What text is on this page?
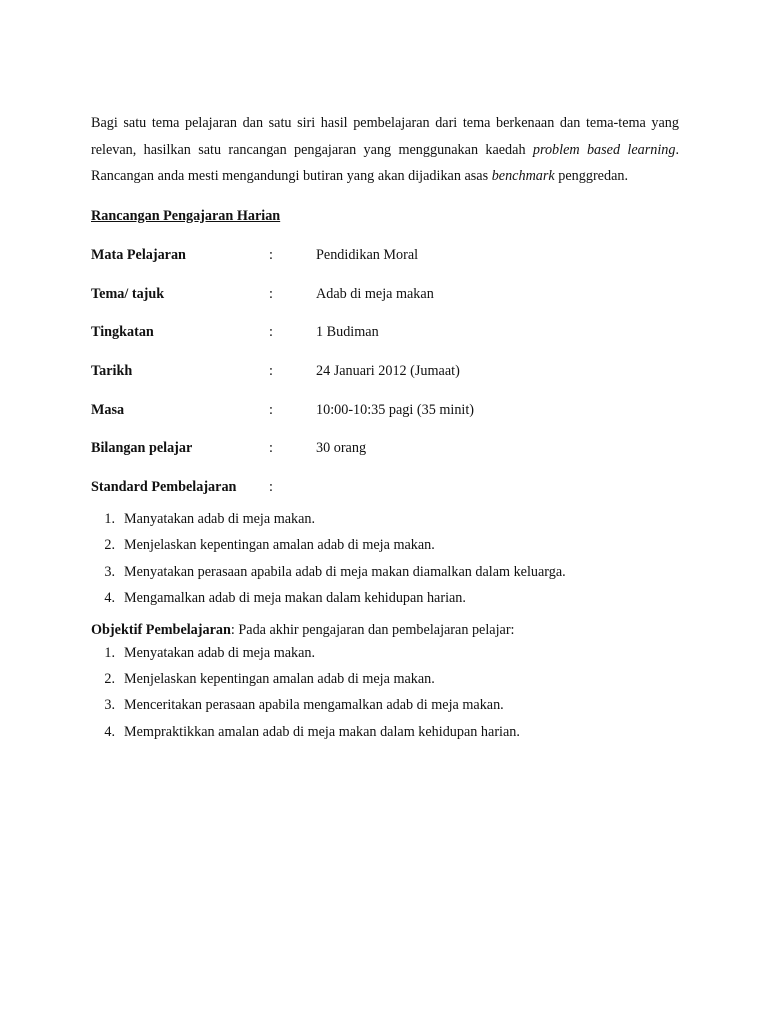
Bagi satu tema pelajaran dan satu siri hasil pembelajaran dari tema berkenaan dan tema-tema yang relevan, hasilkan satu rancangan pengajaran yang menggunakan kaedah problem based learning. Rancangan anda mesti mengandungi butiran yang akan dijadikan asas benchmark penggredan.

Rancangan Pengajaran Harian
Mata Pelajaran	:	Pendidikan Moral
Tema/ tajuk	:	Adab di meja makan
Tingkatan	:	1 Budiman
Tarikh	:	24 Januari 2012 (Jumaat)
Masa	:	10:00-10:35 pagi (35 minit)
Bilangan pelajar	:	30 orang
Standard Pembelajaran	:
1. Manyatakan adab di meja makan.
2. Menjelaskan kepentingan amalan adab di meja makan.
3. Menyatakan perasaan apabila adab di meja makan diamalkan dalam keluarga.
4. Mengamalkan adab di meja makan dalam kehidupan harian.
Objektif Pembelajaran: Pada akhir pengajaran dan pembelajaran pelajar:
1. Menyatakan adab di meja makan.
2. Menjelaskan kepentingan amalan adab di meja makan.
3. Menceritakan perasaan apabila mengamalkan adab di meja makan.
4. Mempraktikkan amalan adab di meja makan dalam kehidupan harian.
